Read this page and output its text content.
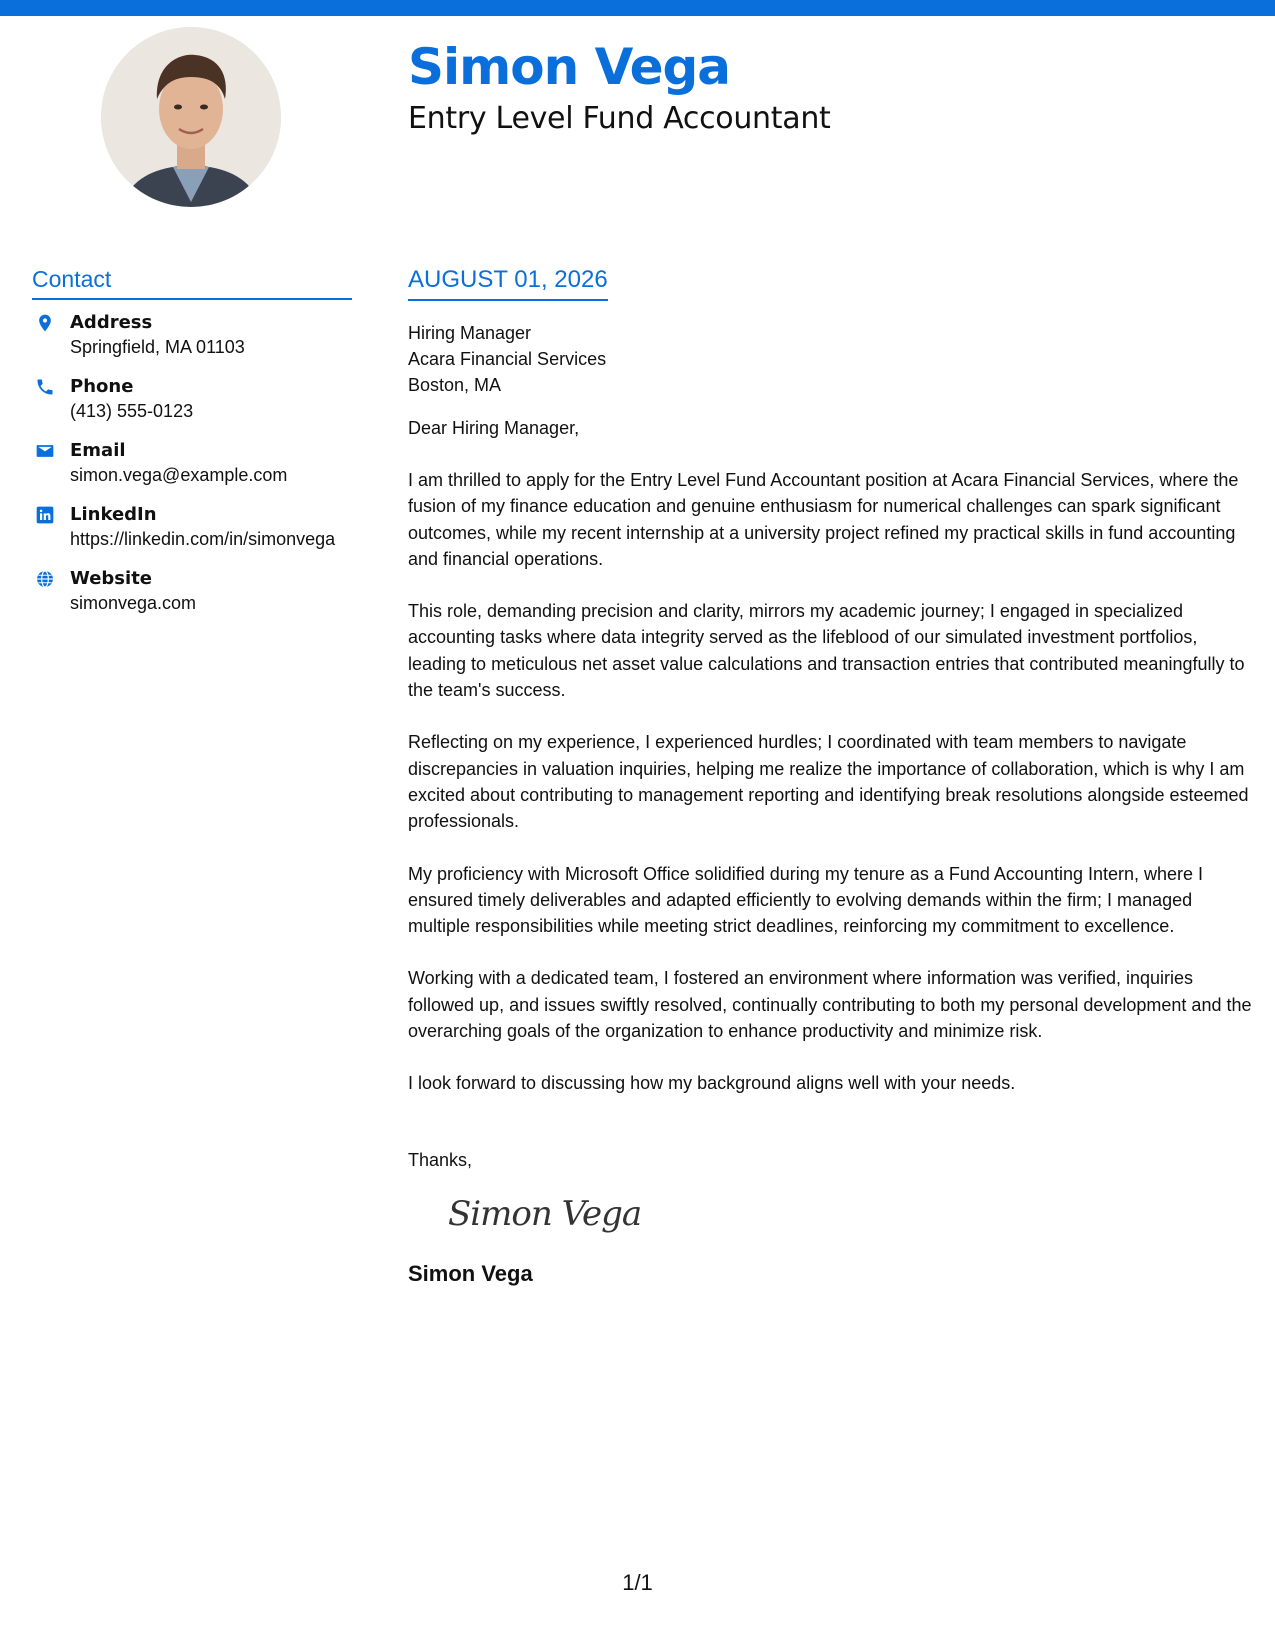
Simon Vega
Entry Level Fund Accountant
Contact
Address
Springfield, MA 01103
Phone
(413) 555-0123
Email
simon.vega@example.com
LinkedIn
https://linkedin.com/in/simonvega
Website
simonvega.com
AUGUST 01, 2026
Hiring Manager
Acara Financial Services
Boston, MA
Dear Hiring Manager,

I am thrilled to apply for the Entry Level Fund Accountant position at Acara Financial Services, where the fusion of my finance education and genuine enthusiasm for numerical challenges can spark significant outcomes, while my recent internship at a university project refined my practical skills in fund accounting and financial operations.

This role, demanding precision and clarity, mirrors my academic journey; I engaged in specialized accounting tasks where data integrity served as the lifeblood of our simulated investment portfolios, leading to meticulous net asset value calculations and transaction entries that contributed meaningfully to the team's success.

Reflecting on my experience, I experienced hurdles; I coordinated with team members to navigate discrepancies in valuation inquiries, helping me realize the importance of collaboration, which is why I am excited about contributing to management reporting and identifying break resolutions alongside esteemed professionals.

My proficiency with Microsoft Office solidified during my tenure as a Fund Accounting Intern, where I ensured timely deliverables and adapted efficiently to evolving demands within the firm; I managed multiple responsibilities while meeting strict deadlines, reinforcing my commitment to excellence.

Working with a dedicated team, I fostered an environment where information was verified, inquiries followed up, and issues swiftly resolved, continually contributing to both my personal development and the overarching goals of the organization to enhance productivity and minimize risk.

I look forward to discussing how my background aligns well with your needs.

Thanks,
Simon Vega
Simon Vega
1/1
